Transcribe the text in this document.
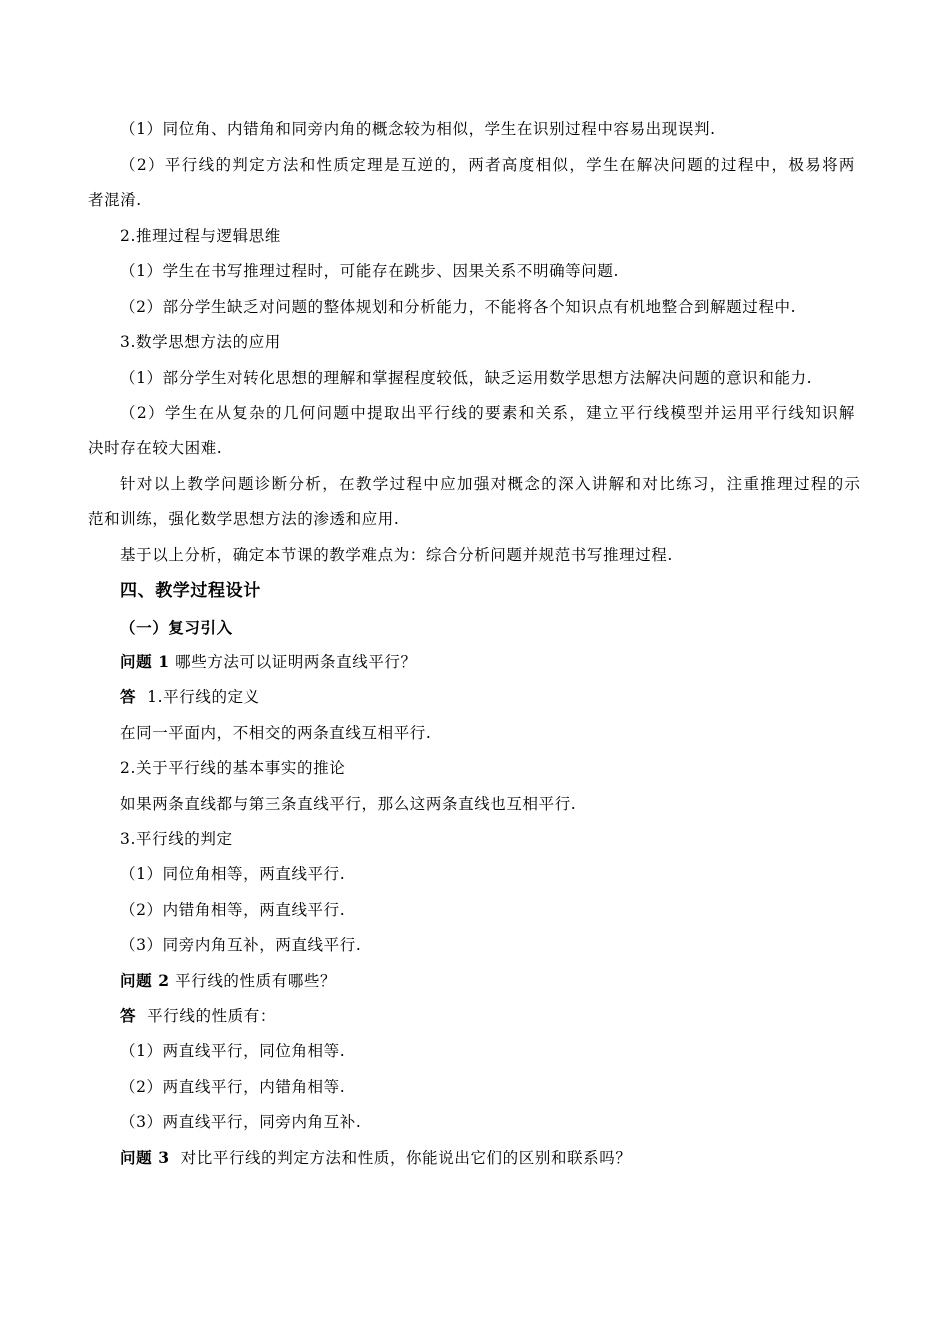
（1）同位角、内错角和同旁内角的概念较为相似，学生在识别过程中容易出现误判.
（2）平行线的判定方法和性质定理是互逆的，两者高度相似，学生在解决问题的过程中，极易将两
者混淆.
2.推理过程与逻辑思维
（1）学生在书写推理过程时，可能存在跳步、因果关系不明确等问题.
（2）部分学生缺乏对问题的整体规划和分析能力，不能将各个知识点有机地整合到解题过程中.
3.数学思想方法的应用
（1）部分学生对转化思想的理解和掌握程度较低，缺乏运用数学思想方法解决问题的意识和能力.
（2）学生在从复杂的几何问题中提取出平行线的要素和关系，建立平行线模型并运用平行线知识解
决时存在较大困难.
针对以上教学问题诊断分析，在教学过程中应加强对概念的深入讲解和对比练习，注重推理过程的示
范和训练，强化数学思想方法的渗透和应用.
基于以上分析，确定本节课的教学难点为：综合分析问题并规范书写推理过程.
四、教学过程设计
（一）复习引入
问题 1 哪些方法可以证明两条直线平行？
答 1.平行线的定义
在同一平面内，不相交的两条直线互相平行.
2.关于平行线的基本事实的推论
如果两条直线都与第三条直线平行，那么这两条直线也互相平行.
3.平行线的判定
（1）同位角相等，两直线平行.
（2）内错角相等，两直线平行.
（3）同旁内角互补，两直线平行.
问题 2 平行线的性质有哪些？
答 平行线的性质有：
（1）两直线平行，同位角相等.
（2）两直线平行，内错角相等.
（3）两直线平行，同旁内角互补.
问题 3 对比平行线的判定方法和性质，你能说出它们的区别和联系吗？
